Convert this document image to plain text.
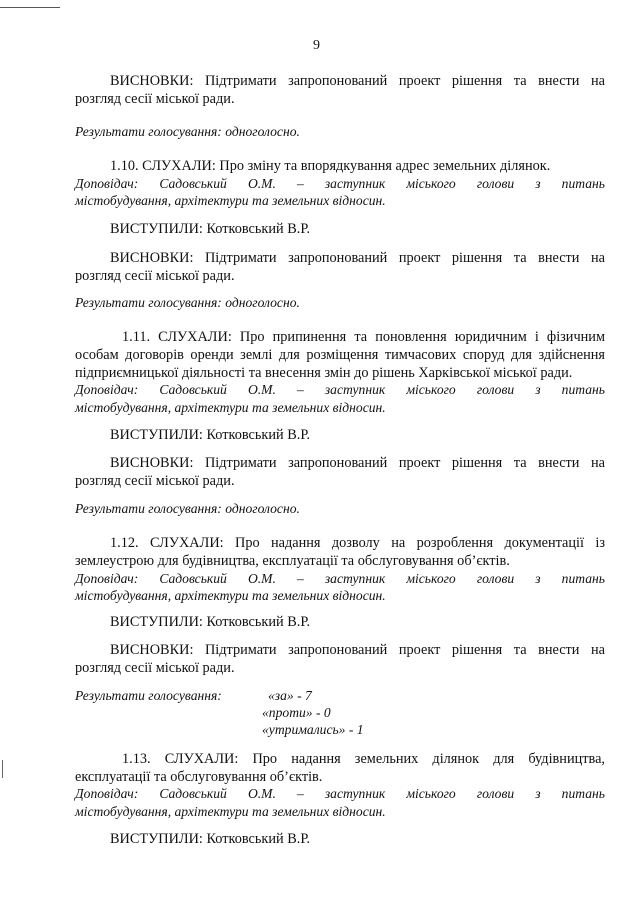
9

ВИСНОВКИ: Підтримати запропонований проект рішення та внести на

розгляд сесії міської ради.

Результати голосування: одноголосно.

1.10. СЛУХАЛИ: Про зміну та впорядкування адрес земельних ділянок.

Доповідач: Садовський О.М. – заступник міського голови з питань

містобудування, архітектури та земельних відносин.

ВИСТУПИЛИ: Котковський В.Р.

ВИСНОВКИ: Підтримати запропонований проект рішення та внести на

розгляд сесії міської ради.

Результати голосування: одноголосно.

1.11. СЛУХАЛИ: Про припинення та поновлення юридичним і фізичним

особам договорів оренди землі для розміщення тимчасових споруд для здійснення

підприємницької діяльності та внесення змін до рішень Харківської міської ради.

Доповідач: Садовський О.М. – заступник міського голови з питань

містобудування, архітектури та земельних відносин.

ВИСТУПИЛИ: Котковський В.Р.

ВИСНОВКИ: Підтримати запропонований проект рішення та внести на

розгляд сесії міської ради.

Результати голосування: одноголосно.

1.12. СЛУХАЛИ: Про надання дозволу на розроблення документації із

землеустрою для будівництва, експлуатації та обслуговування об’єктів.

Доповідач: Садовський О.М. – заступник міського голови з питань

містобудування, архітектури та земельних відносин.

ВИСТУПИЛИ: Котковський В.Р.

ВИСНОВКИ: Підтримати запропонований проект рішення та внести на

розгляд сесії міської ради.

Результати голосування:	«за» - 7

«проти» - 0

«утримались» - 1

1.13. СЛУХАЛИ: Про надання земельних ділянок для будівництва,

експлуатації та обслуговування об’єктів.

Доповідач: Садовський О.М. – заступник міського голови з питань

містобудування, архітектури та земельних відносин.

ВИСТУПИЛИ: Котковський В.Р.
